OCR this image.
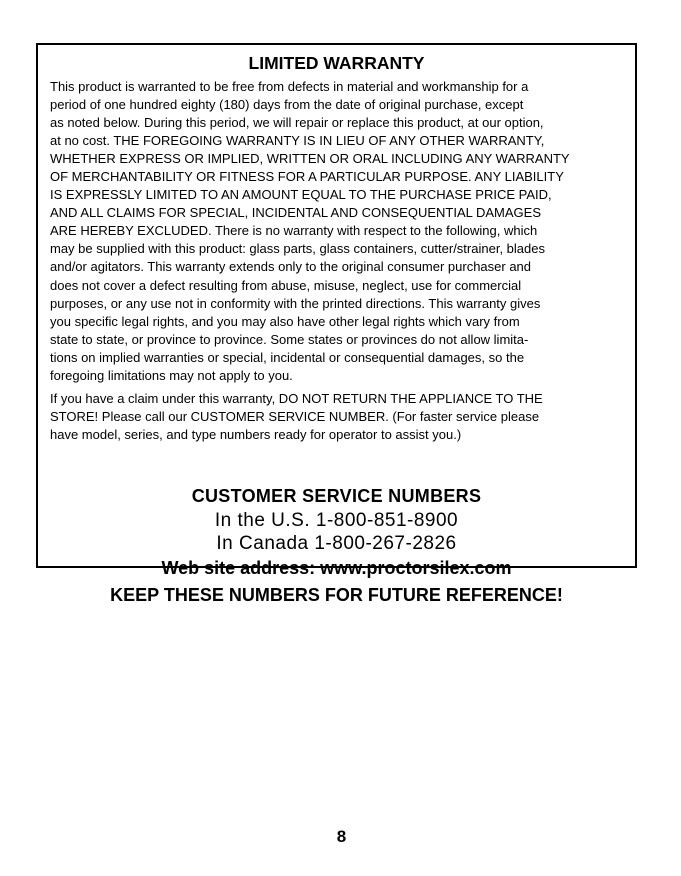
LIMITED WARRANTY

This product is warranted to be free from defects in material and workmanship for a
period of one hundred eighty (180) days from the date of original purchase, except
as noted below. During this period, we will repair or replace this product, at our option,
at no cost. THE FOREGOING WARRANTY IS IN LIEU OF ANY OTHER WARRANTY,
WHETHER EXPRESS OR IMPLIED, WRITTEN OR ORAL INCLUDING ANY WARRANTY
OF MERCHANTABILITY OR FITNESS FOR A PARTICULAR PURPOSE. ANY LIABILITY
IS EXPRESSLY LIMITED TO AN AMOUNT EQUAL TO THE PURCHASE PRICE PAID,
AND ALL CLAIMS FOR SPECIAL, INCIDENTAL AND CONSEQUENTIAL DAMAGES
ARE HEREBY EXCLUDED. There is no warranty with respect to the following, which
may be supplied with this product: glass parts, glass containers, cutter/strainer, blades
and/or agitators. This warranty extends only to the original consumer purchaser and
does not cover a defect resulting from abuse, misuse, neglect, use for commercial
purposes, or any use not in conformity with the printed directions. This warranty gives
you specific legal rights, and you may also have other legal rights which vary from
state to state, or province to province. Some states or provinces do not allow limita-
tions on implied warranties or special, incidental or consequential damages, so the
foregoing limitations may not apply to you.

If you have a claim under this warranty, DO NOT RETURN THE APPLIANCE TO THE
STORE! Please call our CUSTOMER SERVICE NUMBER. (For faster service please
have model, series, and type numbers ready for operator to assist you.)

CUSTOMER SERVICE NUMBERS
In the U.S. 1-800-851-8900
In Canada 1-800-267-2826
Web site address: www.proctorsilex.com
KEEP THESE NUMBERS FOR FUTURE REFERENCE!
8
